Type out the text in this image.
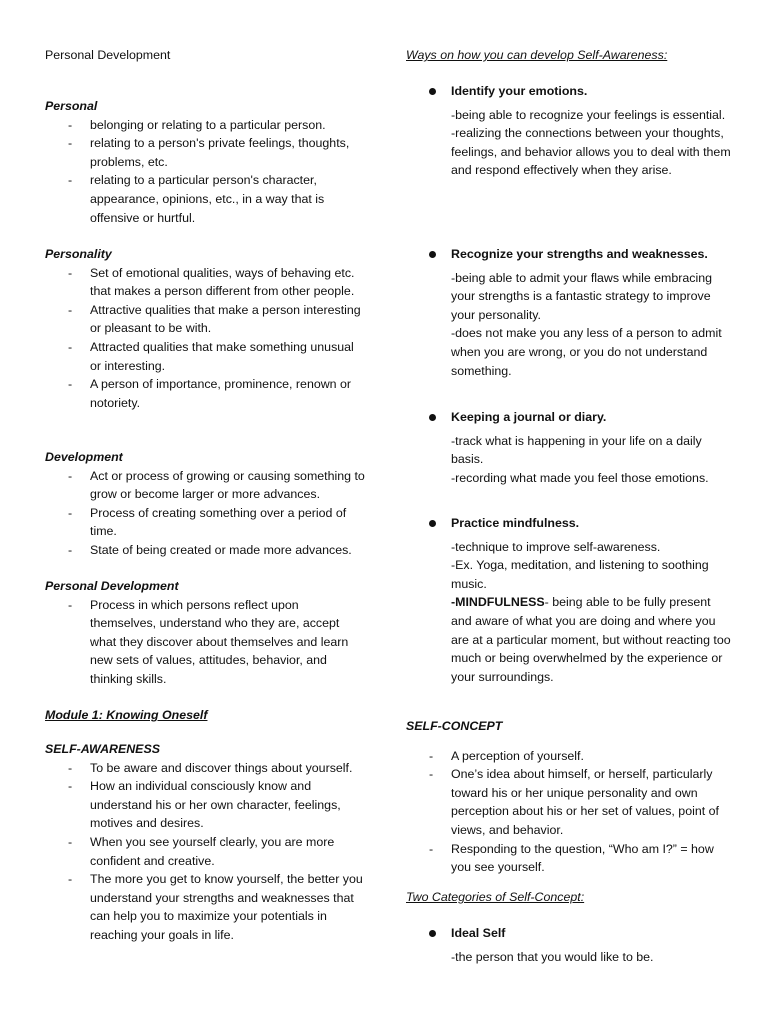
Personal Development
Personal
- belonging or relating to a particular person.
- relating to a person's private feelings, thoughts, problems, etc.
- relating to a particular person's character, appearance, opinions, etc., in a way that is offensive or hurtful.
Personality
- Set of emotional qualities, ways of behaving etc. that makes a person different from other people.
- Attractive qualities that make a person interesting or pleasant to be with.
- Attracted qualities that make something unusual or interesting.
- A person of importance, prominence, renown or notoriety.
Development
- Act or process of growing or causing something to grow or become larger or more advances.
- Process of creating something over a period of time.
- State of being created or made more advances.
Personal Development
- Process in which persons reflect upon themselves, understand who they are, accept what they discover about themselves and learn new sets of values, attitudes, behavior, and thinking skills.
Module 1: Knowing Oneself
SELF-AWARENESS
- To be aware and discover things about yourself.
- How an individual consciously know and understand his or her own character, feelings, motives and desires.
- When you see yourself clearly, you are more confident and creative.
- The more you get to know yourself, the better you understand your strengths and weaknesses that can help you to maximize your potentials in reaching your goals in life.
Ways on how you can develop Self-Awareness:
Identify your emotions.

-being able to recognize your feelings is essential.

-realizing the connections between your thoughts, feelings, and behavior allows you to deal with them and respond effectively when they arise.

Recognize your strengths and weaknesses.

-being able to admit your flaws while embracing your strengths is a fantastic strategy to improve your personality.

-does not make you any less of a person to admit when you are wrong, or you do not understand something.

Keeping a journal or diary.

-track what is happening in your life on a daily basis.

-recording what made you feel those emotions.

Practice mindfulness.

-technique to improve self-awareness.

-Ex. Yoga, meditation, and listening to soothing music.

-MINDFULNESS- being able to be fully present and aware of what you are doing and where you are at a particular moment, but without reacting too much or being overwhelmed by the experience or your surroundings.

SELF-CONCEPT
- A perception of yourself.
- One’s idea about himself, or herself, particularly toward his or her unique personality and own perception about his or her set of values, point of views, and behavior.
- Responding to the question, “Who am I?” = how you see yourself.
Two Categories of Self-Concept:
Ideal Self

-the person that you would like to be.
